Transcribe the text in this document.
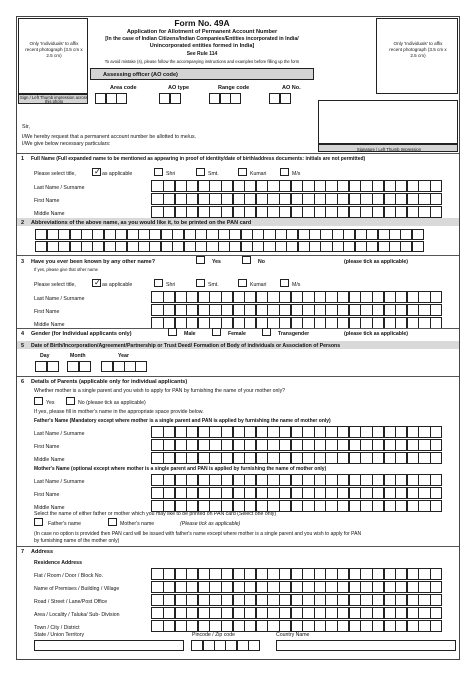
Only 'Individuals' to affix recent photograph (3.5 cm x 2.5 cm)
Sign / Left Thumb impression across this photo
Form No. 49A
Application for Allotment of Permanent Account Number
[In the case of Indian Citizens/Indian Companies/Entities incorporated in India/
Unincorporated entities formed in India]
See Rule 114
To avoid mistake (s), please follow the accompanying instructions and examples before filling up the form
Only 'Individuals' to affix recent photograph (3.5 cm x 2.5 cm)
Assessing officer (AO code)
Area code	AO type	Range code	AO No.
Signature / Left Thumb Impression
Sir,
I/We hereby request that a permanent account number be allotted to me/us.
I/We give below necessary particulars:
1 Full Name (Full expanded name to be mentioned as appearing in proof of identity/date of birth/address documents: initials are not permitted)
Please select title, ✓ as applicable	Shri	Smt.	Kumari	M/s
Last Name / Surname
First Name
Middle Name
2 Abbreviations of the above name, as you would like it, to be printed on the PAN card
3 Have you ever been known by any other name?	Yes	No	(please tick as applicable)
If yes, please give that other name
Please select title, ✓ as applicable	Shri	Smt.	Kumari	M/s
Last Name / Surname
First Name
Middle Name
4 Gender (for Individual applicants only)	Male	Female	Transgender	(please tick as applicable)
5 Date of Birth/Incorporation/Agreement/Partnership or Trust Deed/ Formation of Body of individuals or Association of Persons
Day	Month	Year
6 Details of Parents (applicable only for individual applicants)
Whether mother is a single parent and you wish to apply for PAN by furnishing the name of your mother only?
Yes	No (please tick as applicable)
If yes, please fill in mother's name in the appropriate space provide below.
Father's Name (Mandatory except where mother is a single parent and PAN is applied by furnishing the name of mother only)
Last Name / Surname
First Name
Middle Name
Mother's Name (optional except where mother is a single parent and PAN is applied by furnishing the name of mother only)
Last Name / Surname
First Name
Middle Name
Select the name of either father or mother which you may like to be printed on PAN card (Select one only)
Father's name	Mother's name	(Please tick as applicable)
(In case no option is provided then PAN card will be issued with father's name except where mother is a single parent and you wish to apply for PAN
by furnishing name of the mother only)
7 Address
Residence Address
Flat / Room / Door / Block No.
Name of Premises / Building / Village
Road / Street / Lane/Post Office
Area / Locality / Taluka/ Sub- Division
Town / City / District
State / Union Territory	Pincode / Zip code	Country Name
